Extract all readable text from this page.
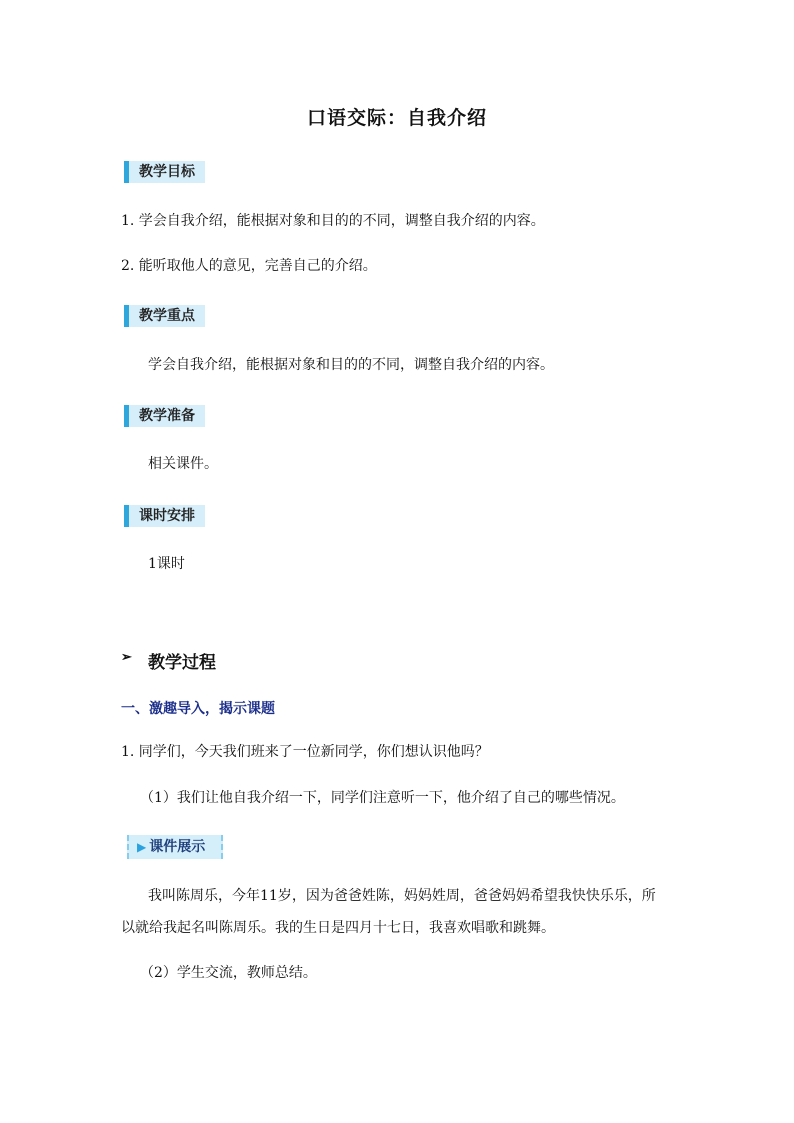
口语交际：自我介绍
教学目标
1. 学会自我介绍，能根据对象和目的的不同，调整自我介绍的内容。
2. 能听取他人的意见，完善自己的介绍。
教学重点
学会自我介绍，能根据对象和目的的不同，调整自我介绍的内容。
教学准备
相关课件。
课时安排
1课时
➢ 教学过程
一、激趣导入，揭示课题
1. 同学们，今天我们班来了一位新同学，你们想认识他吗？
（1）我们让他自我介绍一下，同学们注意听一下，他介绍了自己的哪些情况。
▶ 课件展示
我叫陈周乐，今年11岁，因为爸爸姓陈，妈妈姓周，爸爸妈妈希望我快快乐乐，所
以就给我起名叫陈周乐。我的生日是四月十七日，我喜欢唱歌和跳舞。
（2）学生交流，教师总结。
